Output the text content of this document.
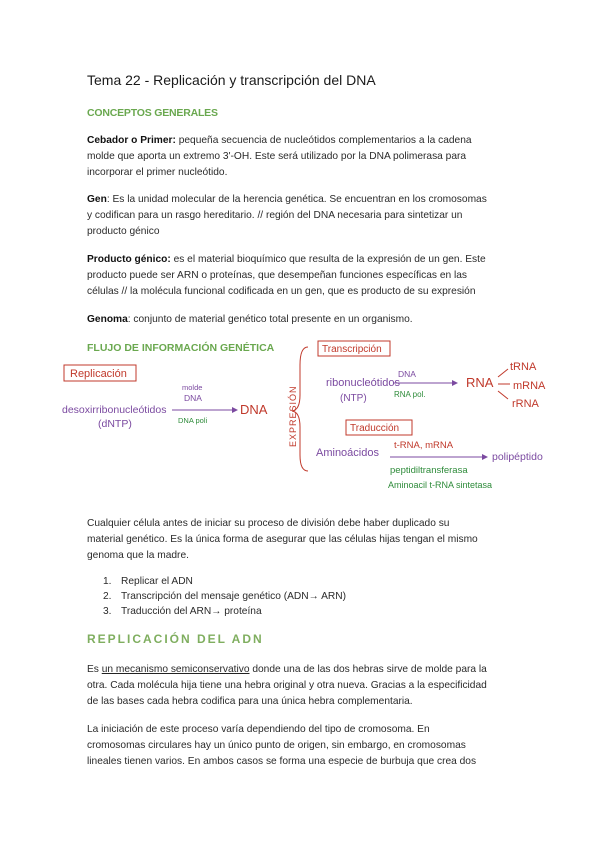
Tema 22 - Replicación y transcripción del DNA
CONCEPTOS GENERALES
Cebador o Primer: pequeña secuencia de nucleótidos complementarios a la cadena
molde que aporta un extremo 3'-OH. Este será utilizado por la DNA polimerasa para
incorporar el primer nucleótido.
Gen: Es la unidad molecular de la herencia genética. Se encuentran en los cromosomas
y codifican para un rasgo hereditario. // región del DNA necesaria para sintetizar un
producto génico
Producto génico: es el material bioquímico que resulta de la expresión de un gen. Este
producto puede ser ARN o proteínas, que desempeñan funciones específicas en las
células // la molécula funcional codificada en un gen, que es producto de su expresión
Genoma: conjunto de material genético total presente en un organismo.
FLUJO DE INFORMACIÓN GENÉTICA
Replicación
desoxirribonucleótidos
(dNTP)
molde
DNA
DNA poli
DNA EXPRESIÓN
Transcripción
ribonucleótidos
(NTP)
DNA
RNA pol.
RNA
tRNA
mRNA
rRNA
Traducción
Aminoácidos
t-RNA, mRNA
polipéptido
peptidiltransferasa
Aminoacil t-RNA sintetasa
Cualquier célula antes de iniciar su proceso de división debe haber duplicado su
material genético. Es la única forma de asegurar que las células hijas tengan el mismo
genoma que la madre.
1. Replicar el ADN
2. Transcripción del mensaje genético (ADN→ ARN)
3. Traducción del ARN→ proteína
REPLICACIÓN DEL ADN
Es un mecanismo semiconservativo donde una de las dos hebras sirve de molde para la
otra. Cada molécula hija tiene una hebra original y otra nueva. Gracias a la especificidad
de las bases cada hebra codifica para una única hebra complementaria.
La iniciación de este proceso varía dependiendo del tipo de cromosoma. En
cromosomas circulares hay un único punto de origen, sin embargo, en cromosomas
lineales tienen varios. En ambos casos se forma una especie de burbuja que crea dos
